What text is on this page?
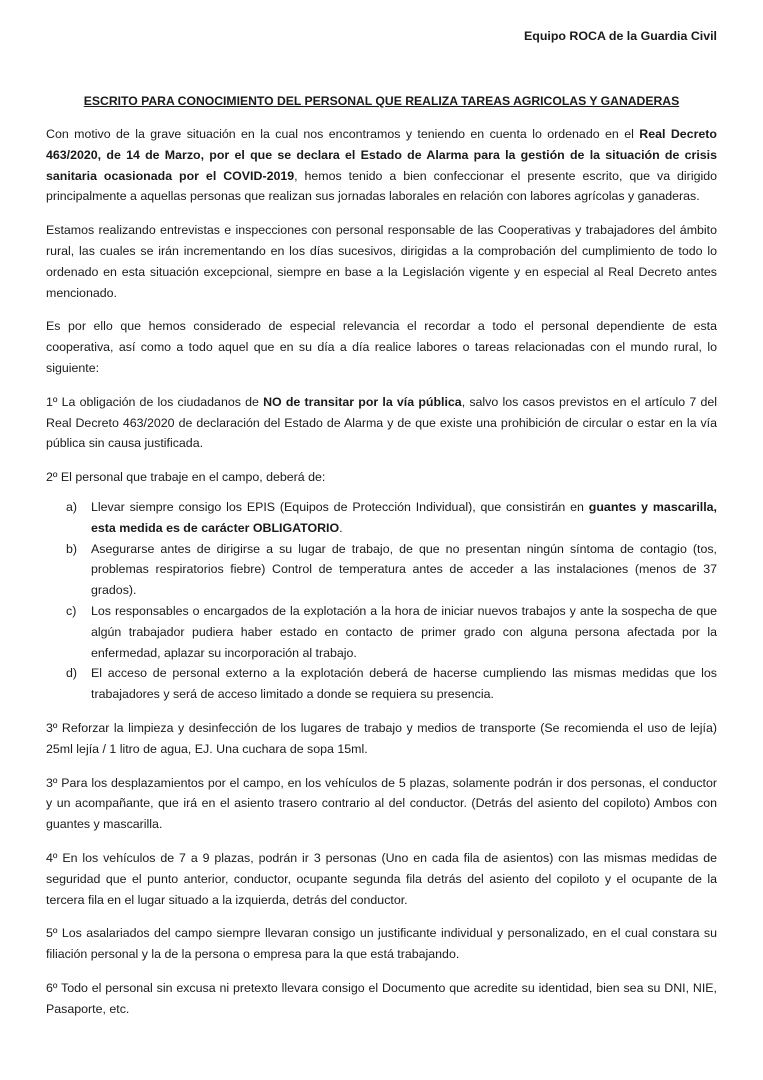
Equipo ROCA de la Guardia Civil
ESCRITO PARA CONOCIMIENTO DEL PERSONAL QUE REALIZA TAREAS AGRICOLAS Y GANADERAS

Con motivo de la grave situación en la cual nos encontramos y teniendo en cuenta lo ordenado en el Real Decreto 463/2020, de 14 de Marzo, por el que se declara el Estado de Alarma para la gestión de la situación de crisis sanitaria ocasionada por el COVID-2019, hemos tenido a bien confeccionar el presente escrito, que va dirigido principalmente a aquellas personas que realizan sus jornadas laborales en relación con labores agrícolas y ganaderas.

Estamos realizando entrevistas e inspecciones con personal responsable de las Cooperativas y trabajadores del ámbito rural, las cuales se irán incrementando en los días sucesivos, dirigidas a la comprobación del cumplimiento de todo lo ordenado en esta situación excepcional, siempre en base a la Legislación vigente y en especial al Real Decreto antes mencionado.

Es por ello que hemos considerado de especial relevancia el recordar a todo el personal dependiente de esta cooperativa, así como a todo aquel que en su día a día realice labores o tareas relacionadas con el mundo rural, lo siguiente:

1º La obligación de los ciudadanos de NO de transitar por la vía pública, salvo los casos previstos en el artículo 7 del Real Decreto 463/2020 de declaración del Estado de Alarma y de que existe una prohibición de circular o estar en la vía pública sin causa justificada.

2º El personal que trabaje en el campo, deberá de:

a)	Llevar siempre consigo los EPIS (Equipos de Protección Individual), que consistirán en guantes y mascarilla, esta medida es de carácter OBLIGATORIO.
b)	Asegurarse antes de dirigirse a su lugar de trabajo, de que no presentan ningún síntoma de contagio (tos, problemas respiratorios fiebre) Control de temperatura antes de acceder a las instalaciones (menos de 37 grados).
c)	Los responsables o encargados de la explotación a la hora de iniciar nuevos trabajos y ante la sospecha de que algún trabajador pudiera haber estado en contacto de primer grado con alguna persona afectada por la enfermedad, aplazar su incorporación al trabajo.
d)	El acceso de personal externo a la explotación deberá de hacerse cumpliendo las mismas medidas que los trabajadores y será de acceso limitado a donde se requiera su presencia.

3º Reforzar la limpieza y desinfección de los lugares de trabajo y medios de transporte (Se recomienda el uso de lejía) 25ml lejía / 1 litro de agua, EJ. Una cuchara de sopa 15ml.

3º Para los desplazamientos por el campo, en los vehículos de 5 plazas, solamente podrán ir dos personas, el conductor y un acompañante, que irá en el asiento trasero contrario al del conductor. (Detrás del asiento del copiloto) Ambos con guantes y mascarilla.

4º En los vehículos de 7 a 9 plazas, podrán ir 3 personas (Uno en cada fila de asientos) con las mismas medidas de seguridad que el punto anterior, conductor, ocupante segunda fila detrás del asiento del copiloto y el ocupante de la tercera fila en el lugar situado a la izquierda, detrás del conductor.

5º Los asalariados del campo siempre llevaran consigo un justificante individual y personalizado, en el cual constara su filiación personal y la de la persona o empresa para la que está trabajando.

6º Todo el personal sin excusa ni pretexto llevara consigo el Documento que acredite su identidad, bien sea su DNI, NIE, Pasaporte, etc.
